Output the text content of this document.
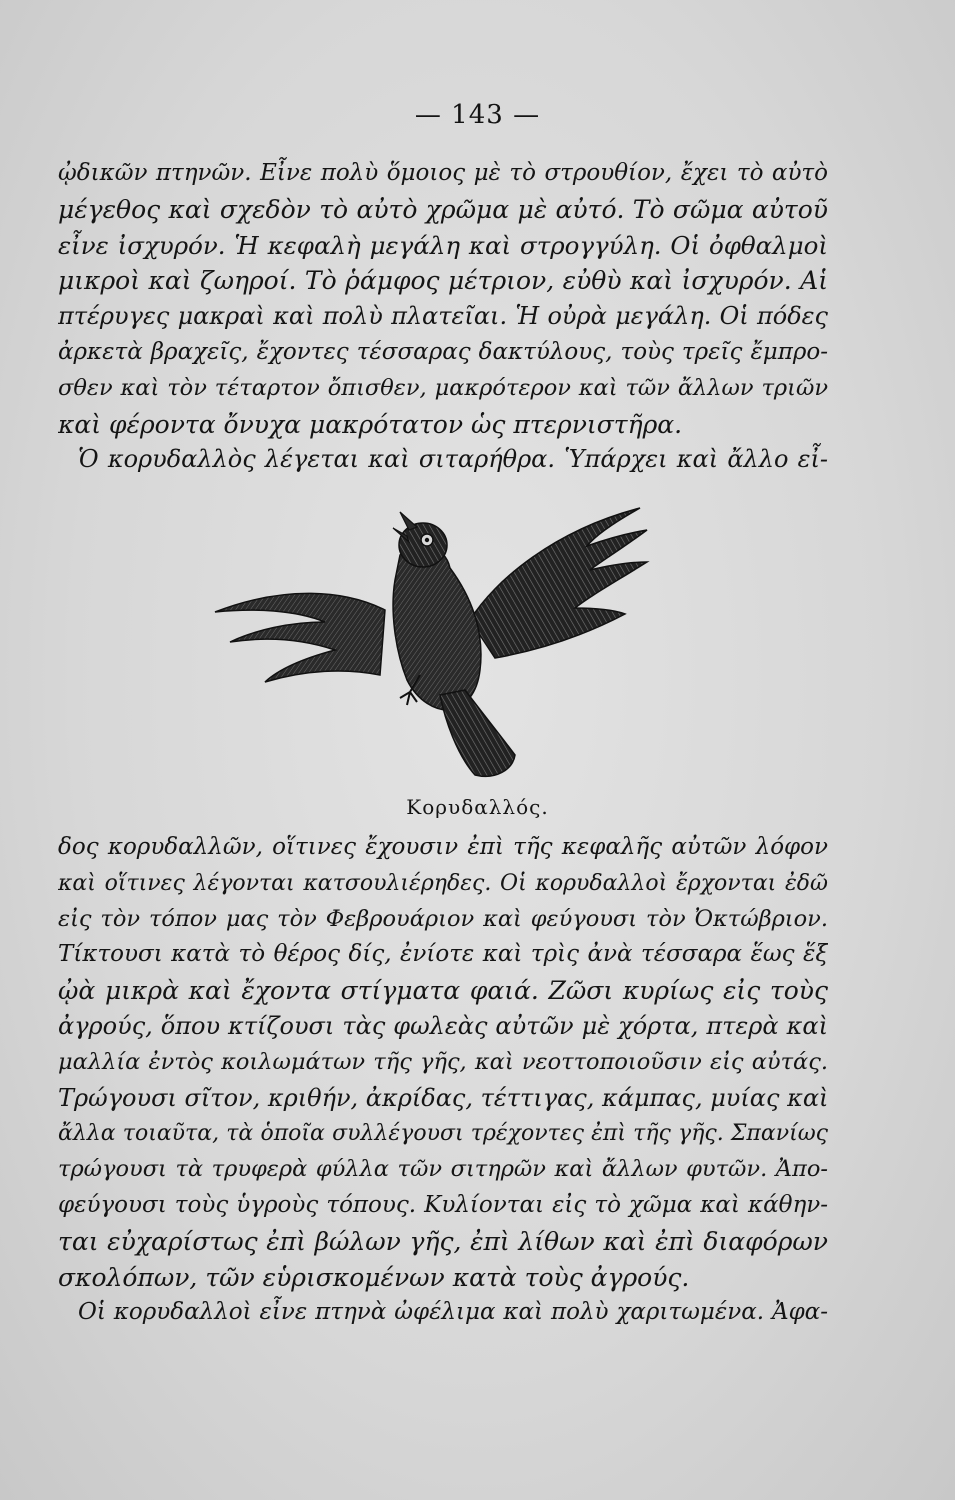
— 143 —
ᾠδικῶν πτηνῶν. Εἶνε πολὺ ὅμοιος μὲ τὸ στρουθίον, ἔχει τὸ αὐτὸ
μέγεθος καὶ σχεδὸν τὸ αὐτὸ χρῶμα μὲ αὐτό. Τὸ σῶμα αὐτοῦ
εἶνε ἰσχυρόν. Ἡ κεφαλὴ μεγάλη καὶ στρογγύλη. Οἱ ὀφθαλμοὶ
μικροὶ καὶ ζωηροί. Τὸ ῥάμφος μέτριον, εὐθὺ καὶ ἰσχυρόν. Αἱ
πτέρυγες μακραὶ καὶ πολὺ πλατεῖαι. Ἡ οὐρὰ μεγάλη. Οἱ πόδες
ἀρκετὰ βραχεῖς, ἔχοντες τέσσαρας δακτύλους, τοὺς τρεῖς ἔμπρο-
σθεν καὶ τὸν τέταρτον ὄπισθεν, μακρότερον καὶ τῶν ἄλλων τριῶν
καὶ φέροντα ὄνυχα μακρότατον ὡς πτερνιστῆρα.
Ὁ κορυδαλλὸς λέγεται καὶ σιταρήθρα. Ὑπάρχει καὶ ἄλλο εἶ-
Κορυδαλλός.
δος κορυδαλλῶν, οἵτινες ἔχουσιν ἐπὶ τῆς κεφαλῆς αὐτῶν λόφον
καὶ οἵτινες λέγονται κατσουλιέρηδες. Οἱ κορυδαλλοὶ ἔρχονται ἐδῶ
εἰς τὸν τόπον μας τὸν Φεβρουάριον καὶ φεύγουσι τὸν Ὀκτώβριον.
Τίκτουσι κατὰ τὸ θέρος δίς, ἐνίοτε καὶ τρὶς ἀνὰ τέσσαρα ἕως ἕξ
ᾠὰ μικρὰ καὶ ἔχοντα στίγματα φαιά. Ζῶσι κυρίως εἰς τοὺς
ἀγρούς, ὅπου κτίζουσι τὰς φωλεὰς αὐτῶν μὲ χόρτα, πτερὰ καὶ
μαλλία ἐντὸς κοιλωμάτων τῆς γῆς, καὶ νεοττοποιοῦσιν εἰς αὐτάς.
Τρώγουσι σῖτον, κριθήν, ἀκρίδας, τέττιγας, κάμπας, μυίας καὶ
ἄλλα τοιαῦτα, τὰ ὁποῖα συλλέγουσι τρέχοντες ἐπὶ τῆς γῆς. Σπανίως
τρώγουσι τὰ τρυφερὰ φύλλα τῶν σιτηρῶν καὶ ἄλλων φυτῶν. Ἀπο-
φεύγουσι τοὺς ὑγροὺς τόπους. Κυλίονται εἰς τὸ χῶμα καὶ κάθην-
ται εὐχαρίστως ἐπὶ βώλων γῆς, ἐπὶ λίθων καὶ ἐπὶ διαφόρων
σκολόπων, τῶν εὑρισκομένων κατὰ τοὺς ἀγρούς.
Οἱ κορυδαλλοὶ εἶνε πτηνὰ ὠφέλιμα καὶ πολὺ χαριτωμένα. Ἀφα-
